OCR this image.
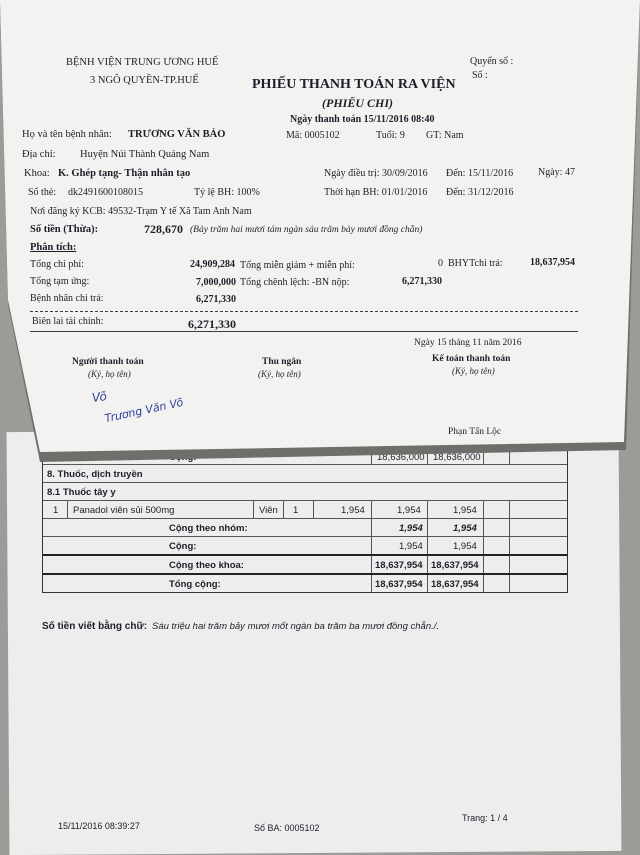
18,636,000 18,636,000
8. Thuốc, dịch truyền
8.1 Thuốc tây y
1 Panadol viên sủi 500mg	Viên 1	1,954	1,954	1,954
Cộng theo nhóm:	1,954	1,954
Cộng:	1,954	1,954
Cộng theo khoa:	18,637,954 18,637,954
Tổng cộng:	18,637,954 18,637,954
Số tiền viết bằng chữ: Sáu triệu hai trăm bảy mươi mốt ngàn ba trăm ba mươi đồng chẵn./.
15/11/2016 08:39:27	Số BA: 0005102
Trang: 1 / 4
BỆNH VIỆN TRUNG ƯƠNG HUẾ
3 NGÔ QUYỀN-TP.HUẾ
Quyển số :
Số :
PHIẾU THANH TOÁN RA VIỆN
(PHIẾU CHI)
Ngày thanh toán 15/11/2016 08:40
Họ và tên bệnh nhân: TRƯƠNG VĂN BẢO	Mã: 0005102	Tuổi: 9 GT: Nam
Địa chỉ: Huyện Núi Thành Quảng Nam
Khoa: K. Ghép tạng- Thận nhân tạo	Ngày điều trị: 30/09/2016 Đến: 15/11/2016 Ngày: 47
Số thẻ: dk2491600108015	Tỷ lệ BH: 100%	Thời hạn BH: 01/01/2016 Đến: 31/12/2016
Nơi đăng ký KCB: 49532-Trạm Y tế Xã Tam Anh Nam
Số tiền (Thừa):	728,670 (Bảy trăm hai mươi tám ngàn sáu trăm bảy mươi đồng chẵn)
Phân tích:
Tổng chi phí:	24,909,284 Tổng miễn giảm + miễn phí:	0 BHYTchi trả:	18,637,954
Tổng tạm ứng:	7,000,000 Tổng chênh lệch: -BN nộp:	6,271,330
Bệnh nhân chi trả:	6,271,330
Biên lai tài chính:	6,271,330
Ngày 15 tháng 11 năm 2016
Người thanh toán
(Ký, họ tên)
Thu ngân
(Ký, họ tên)
Kế toán thanh toán
(Ký, họ tên)
Võ
Trương Văn Võ
Phạn Tấn Lộc
